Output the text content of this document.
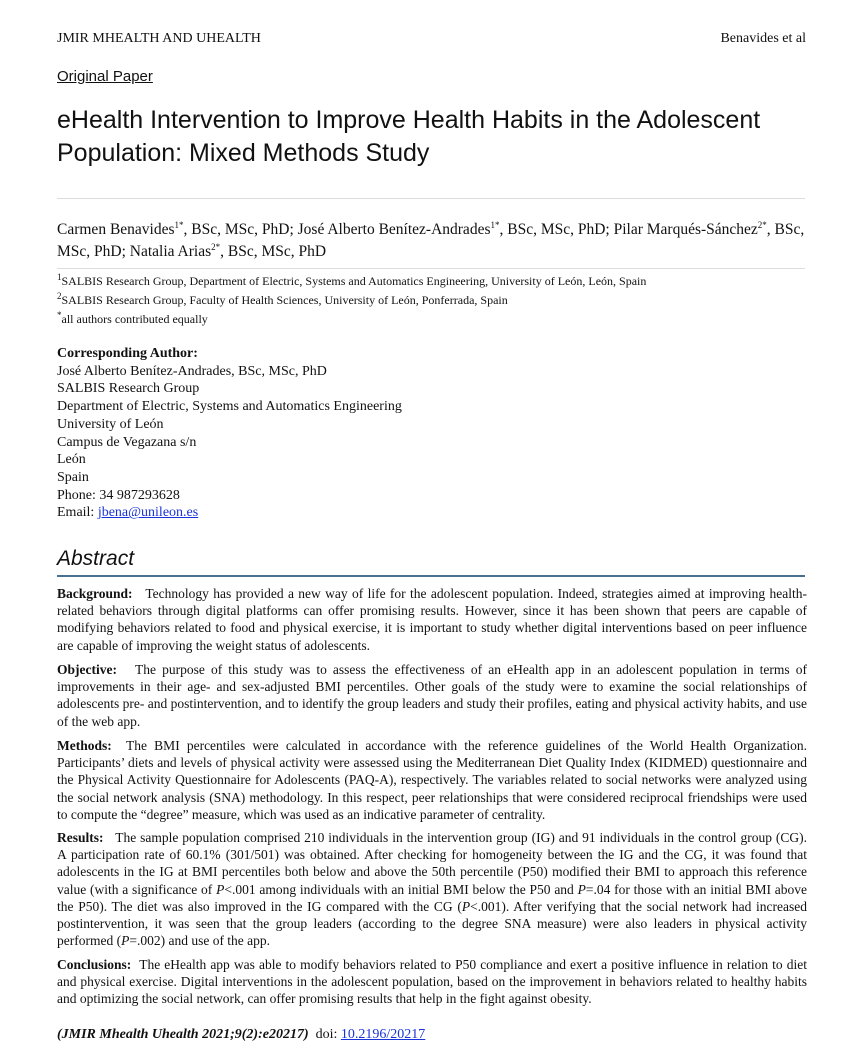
JMIR MHEALTH AND UHEALTH	Benavides et al
Original Paper
eHealth Intervention to Improve Health Habits in the Adolescent Population: Mixed Methods Study
Carmen Benavides$^{1*}$, BSc, MSc, PhD; José Alberto Benítez-Andrades$^{1*}$, BSc, MSc, PhD; Pilar Marqués-Sánchez$^{2*}$, BSc, MSc, PhD; Natalia Arias$^{2*}$, BSc, MSc, PhD
$^1$SALBIS Research Group, Department of Electric, Systems and Automatics Engineering, University of León, León, Spain
$^2$SALBIS Research Group, Faculty of Health Sciences, University of León, Ponferrada, Spain
*all authors contributed equally
Corresponding Author:
José Alberto Benítez-Andrades, BSc, MSc, PhD
SALBIS Research Group
Department of Electric, Systems and Automatics Engineering
University of León
Campus de Vegazana s/n
León
Spain
Phone: 34 987293628
Email: jbena@unileon.es
Abstract
Background: Technology has provided a new way of life for the adolescent population. Indeed, strategies aimed at improving health-related behaviors through digital platforms can offer promising results. However, since it has been shown that peers are capable of modifying behaviors related to food and physical exercise, it is important to study whether digital interventions based on peer influence are capable of improving the weight status of adolescents.
Objective: The purpose of this study was to assess the effectiveness of an eHealth app in an adolescent population in terms of improvements in their age- and sex-adjusted BMI percentiles. Other goals of the study were to examine the social relationships of adolescents pre- and postintervention, and to identify the group leaders and study their profiles, eating and physical activity habits, and use of the web app.
Methods: The BMI percentiles were calculated in accordance with the reference guidelines of the World Health Organization. Participants’ diets and levels of physical activity were assessed using the Mediterranean Diet Quality Index (KIDMED) questionnaire and the Physical Activity Questionnaire for Adolescents (PAQ-A), respectively. The variables related to social networks were analyzed using the social network analysis (SNA) methodology. In this respect, peer relationships that were considered reciprocal friendships were used to compute the “degree” measure, which was used as an indicative parameter of centrality.
Results: The sample population comprised 210 individuals in the intervention group (IG) and 91 individuals in the control group (CG). A participation rate of 60.1% (301/501) was obtained. After checking for homogeneity between the IG and the CG, it was found that adolescents in the IG at BMI percentiles both below and above the 50th percentile (P50) modified their BMI to approach this reference value (with a significance of P<.001 among individuals with an initial BMI below the P50 and P=.04 for those with an initial BMI above the P50). The diet was also improved in the IG compared with the CG (P<.001). After verifying that the social network had increased postintervention, it was seen that the group leaders (according to the degree SNA measure) were also leaders in physical activity performed (P=.002) and use of the app.
Conclusions: The eHealth app was able to modify behaviors related to P50 compliance and exert a positive influence in relation to diet and physical exercise. Digital interventions in the adolescent population, based on the improvement in behaviors related to healthy habits and optimizing the social network, can offer promising results that help in the fight against obesity.
(JMIR Mhealth Uhealth 2021;9(2):e20217) doi: 10.2196/20217
